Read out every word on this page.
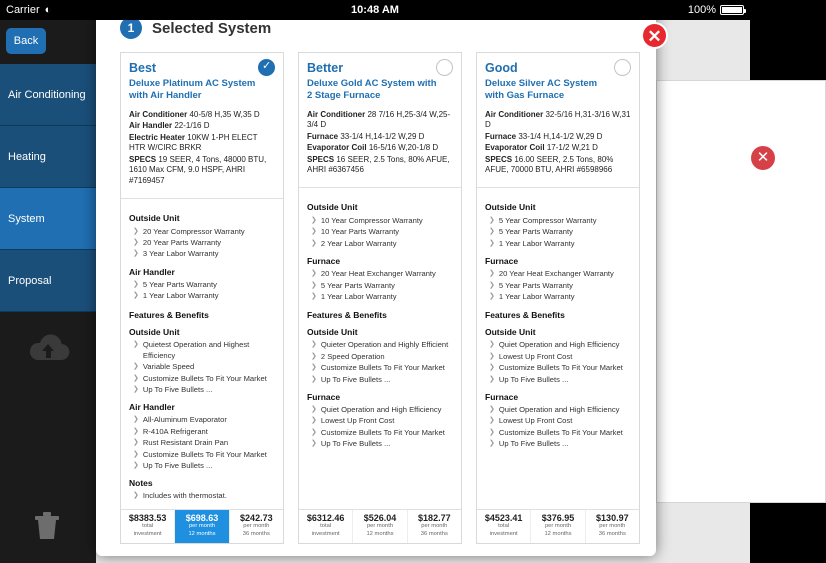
Carrier ◐	10:48 AM	100%
Back
Air Conditioning
Heating
System
Proposal
✕
1	Selected System	✕
Best
Deluxe Platinum AC System with Air Handler
✓
Air Conditioner 40-5/8 H,35 W,35 D
Air Handler 22-1/16 D
Electric Heater 10KW 1-PH ELECT HTR W/CIRC BRKR
SPECS 19 SEER, 4 Tons, 48000 BTU, 1610 Max CFM, 9.0 HSPF, AHRI #7169457
Outside Unit
❯ 20 Year Compressor Warranty
❯ 20 Year Parts Warranty
❯ 3 Year Labor Warranty
Air Handler
❯ 5 Year Parts Warranty
❯ 1 Year Labor Warranty
Features & Benefits
Outside Unit
❯ Quietest Operation and Highest Efficiency
❯ Variable Speed
❯ Customize Bullets To Fit Your Market
❯ Up To Five Bullets ...
Air Handler
❯ All-Aluminum Evaporator
❯ R-410A Refrigerant
❯ Rust Resistant Drain Pan
❯ Customize Bullets To Fit Your Market
❯ Up To Five Bullets ...
Notes
❯ Includes with thermostat.
$8383.53
total
investment
$698.63
per month
12 months
$242.73
per month
36 months
Better
Deluxe Gold AC System with 2 Stage Furnace
Air Conditioner 28 7/16 H,25-3/4 W,25-3/4 D
Furnace 33-1/4 H,14-1/2 W,29 D
Evaporator Coil 16-5/16 W,20-1/8 D
SPECS 16 SEER, 2.5 Tons, 80% AFUE, AHRI #6367456
Outside Unit
❯ 10 Year Compressor Warranty
❯ 10 Year Parts Warranty
❯ 2 Year Labor Warranty
Furnace
❯ 20 Year Heat Exchanger Warranty
❯ 5 Year Parts Warranty
❯ 1 Year Labor Warranty
Features & Benefits
Outside Unit
❯ Quieter Operation and Highly Efficient
❯ 2 Speed Operation
❯ Customize Bullets To Fit Your Market
❯ Up To Five Bullets ...
Furnace
❯ Quiet Operation and High Efficiency
❯ Lowest Up Front Cost
❯ Customize Bullets To Fit Your Market
❯ Up To Five Bullets ...
$6312.46
total
investment
$526.04
per month
12 months
$182.77
per month
36 months
Good
Deluxe Silver AC System with Gas Furnace
Air Conditioner 32-5/16 H,31-3/16 W,31 D
Furnace 33-1/4 H,14-1/2 W,29 D
Evaporator Coil 17-1/2 W,21 D
SPECS 16.00 SEER, 2.5 Tons, 80% AFUE, 70000 BTU, AHRI #6598966
Outside Unit
❯ 5 Year Compressor Warranty
❯ 5 Year Parts Warranty
❯ 1 Year Labor Warranty
Furnace
❯ 20 Year Heat Exchanger Warranty
❯ 5 Year Parts Warranty
❯ 1 Year Labor Warranty
Features & Benefits
Outside Unit
❯ Quiet Operation and High Efficiency
❯ Lowest Up Front Cost
❯ Customize Bullets To Fit Your Market
❯ Up To Five Bullets ...
Furnace
❯ Quiet Operation and High Efficiency
❯ Lowest Up Front Cost
❯ Customize Bullets To Fit Your Market
❯ Up To Five Bullets ...
$4523.41
total
investment
$376.95
per month
12 months
$130.97
per month
36 months
